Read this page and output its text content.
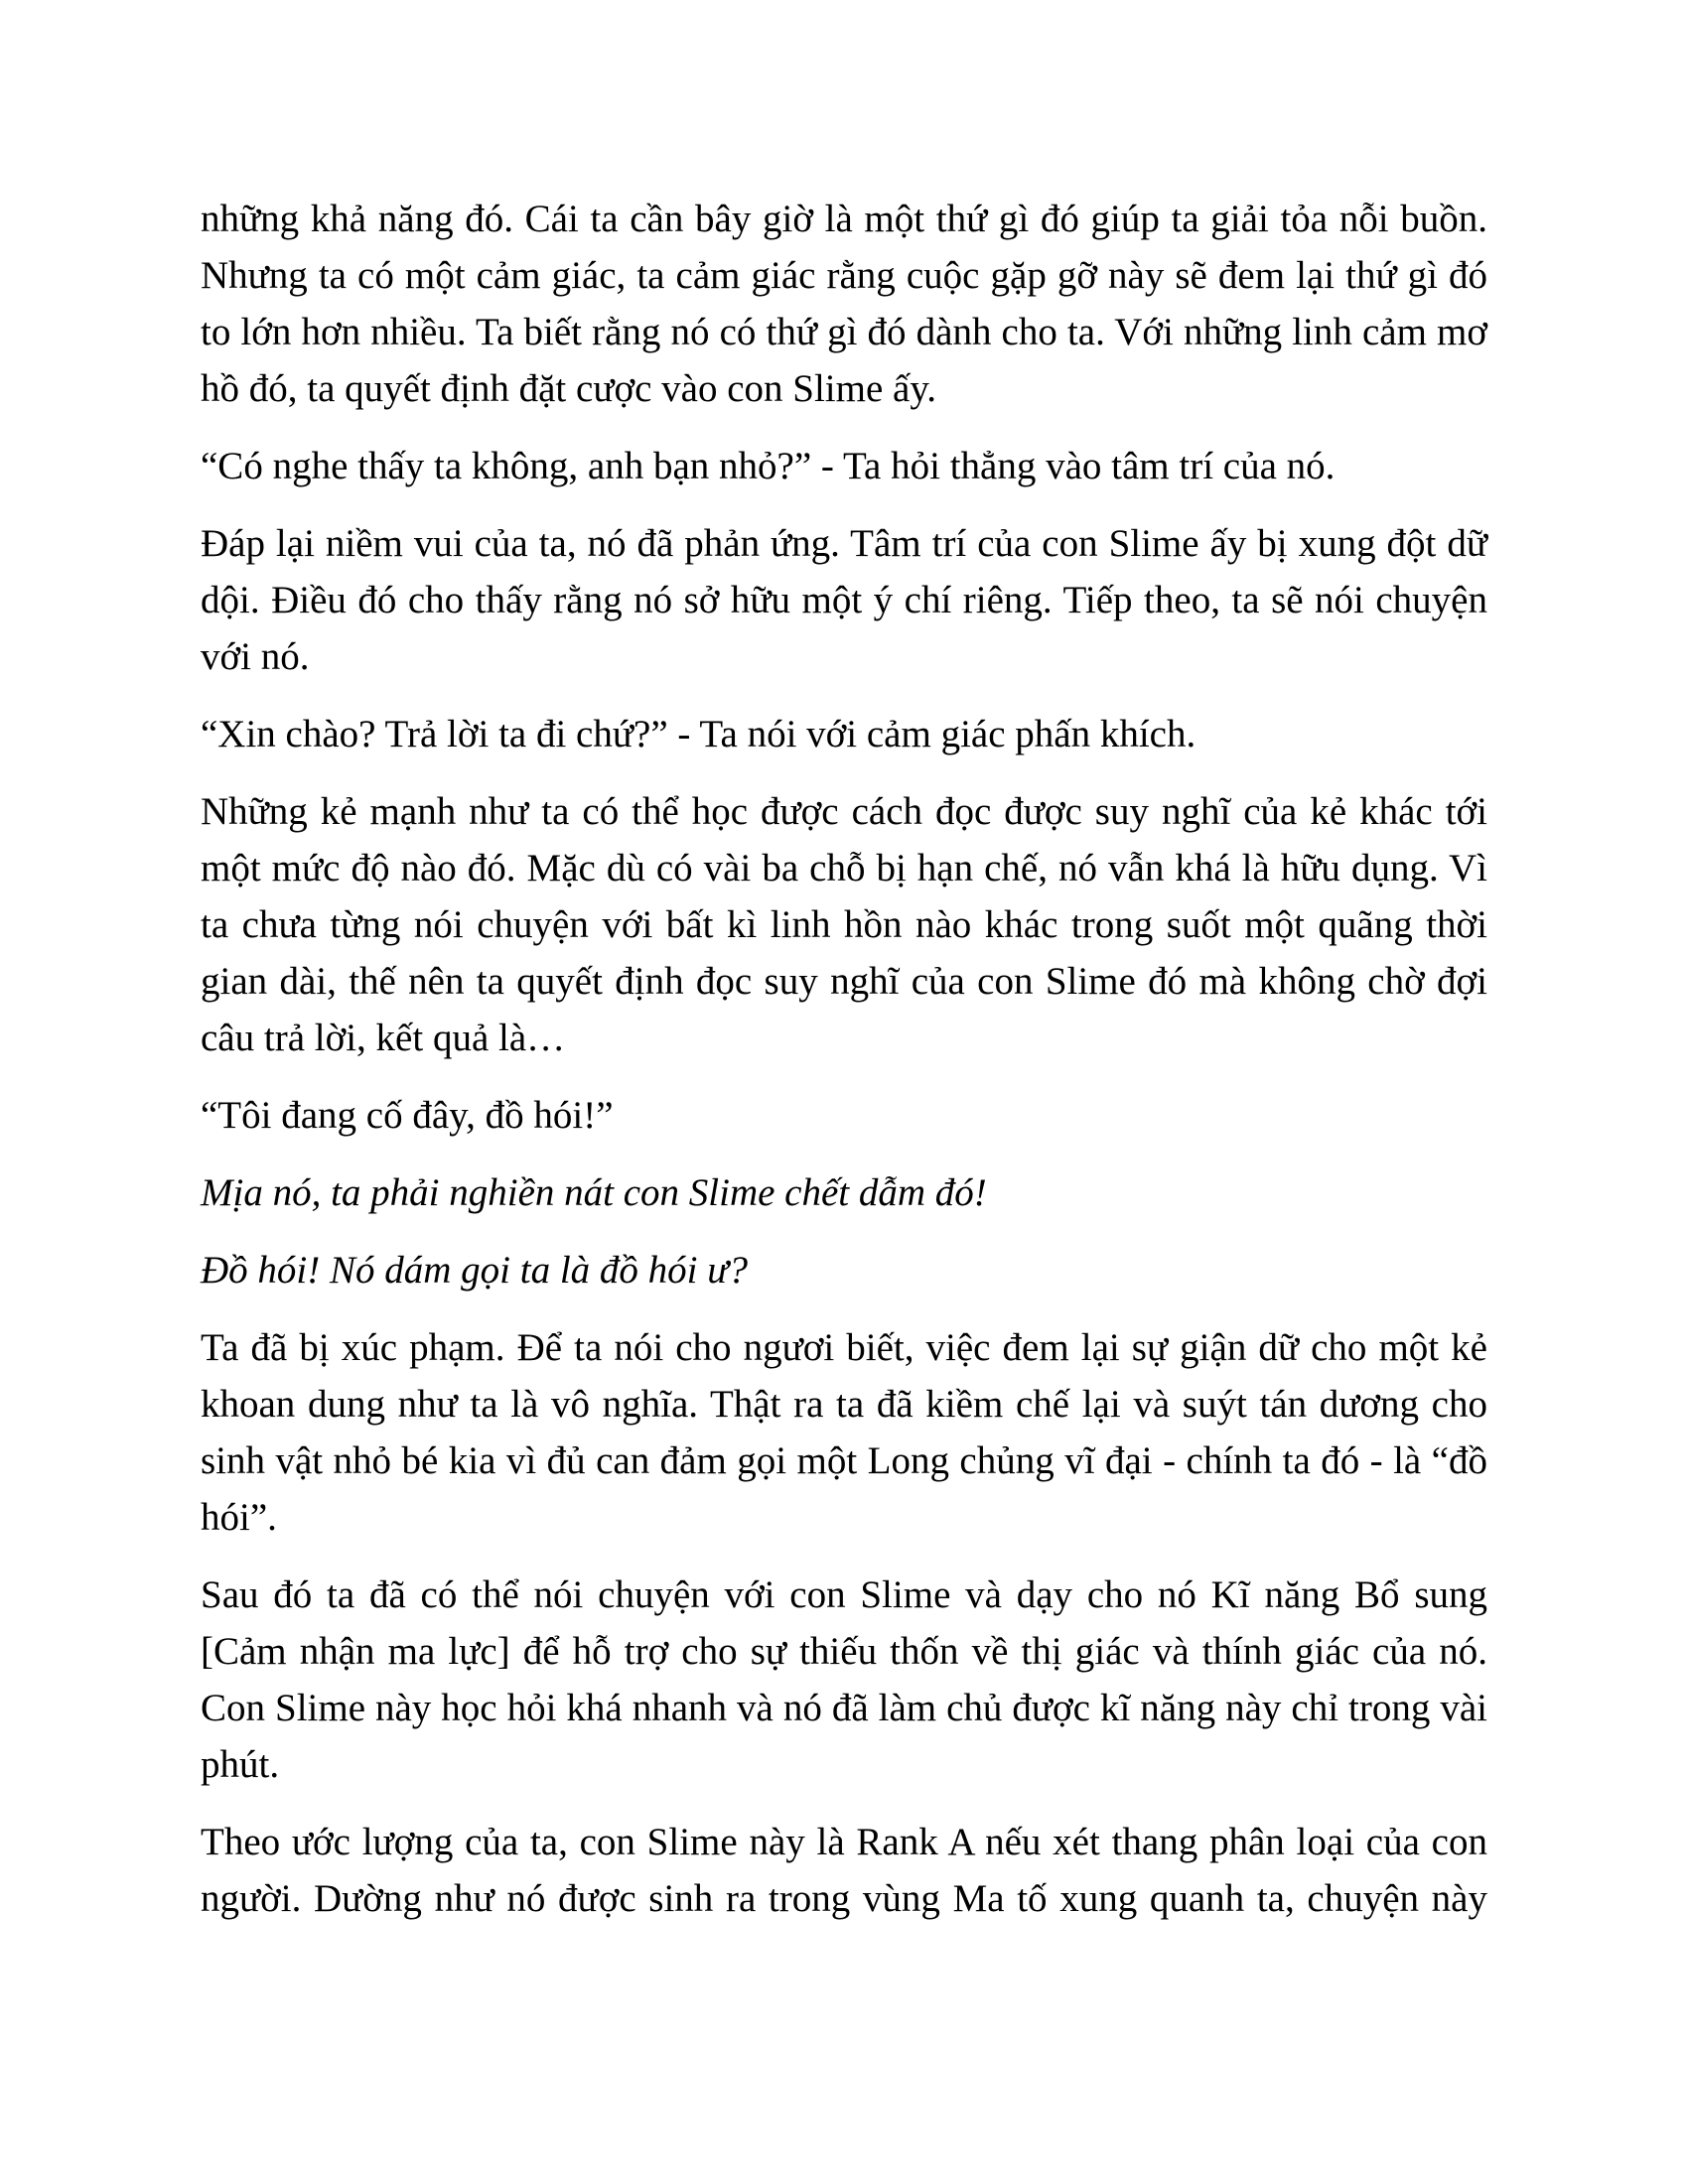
những khả năng đó. Cái ta cần bây giờ là một thứ gì đó giúp ta giải tỏa nỗi buồn. Nhưng ta có một cảm giác, ta cảm giác rằng cuộc gặp gỡ này sẽ đem lại thứ gì đó to lớn hơn nhiều. Ta biết rằng nó có thứ gì đó dành cho ta. Với những linh cảm mơ hồ đó, ta quyết định đặt cược vào con Slime ấy.

“Có nghe thấy ta không, anh bạn nhỏ?” - Ta hỏi thẳng vào tâm trí của nó.

Đáp lại niềm vui của ta, nó đã phản ứng. Tâm trí của con Slime ấy bị xung đột dữ dội. Điều đó cho thấy rằng nó sở hữu một ý chí riêng. Tiếp theo, ta sẽ nói chuyện với nó.

“Xin chào? Trả lời ta đi chứ?” - Ta nói với cảm giác phấn khích.

Những kẻ mạnh như ta có thể học được cách đọc được suy nghĩ của kẻ khác tới một mức độ nào đó. Mặc dù có vài ba chỗ bị hạn chế, nó vẫn khá là hữu dụng. Vì ta chưa từng nói chuyện với bất kì linh hồn nào khác trong suốt một quãng thời gian dài, thế nên ta quyết định đọc suy nghĩ của con Slime đó mà không chờ đợi câu trả lời, kết quả là…

“Tôi đang cố đây, đồ hói!”

Mịa nó, ta phải nghiền nát con Slime chết dẫm đó!

Đồ hói! Nó dám gọi ta là đồ hói ư?

Ta đã bị xúc phạm. Để ta nói cho ngươi biết, việc đem lại sự giận dữ cho một kẻ khoan dung như ta là vô nghĩa. Thật ra ta đã kiềm chế lại và suýt tán dương cho sinh vật nhỏ bé kia vì đủ can đảm gọi một Long chủng vĩ đại - chính ta đó - là “đồ hói”.

Sau đó ta đã có thể nói chuyện với con Slime và dạy cho nó Kĩ năng Bổ sung [Cảm nhận ma lực] để hỗ trợ cho sự thiếu thốn về thị giác và thính giác của nó. Con Slime này học hỏi khá nhanh và nó đã làm chủ được kĩ năng này chỉ trong vài phút.

Theo ước lượng của ta, con Slime này là Rank A nếu xét thang phân loại của con người. Dường như nó được sinh ra trong vùng Ma tố xung quanh ta, chuyện này
